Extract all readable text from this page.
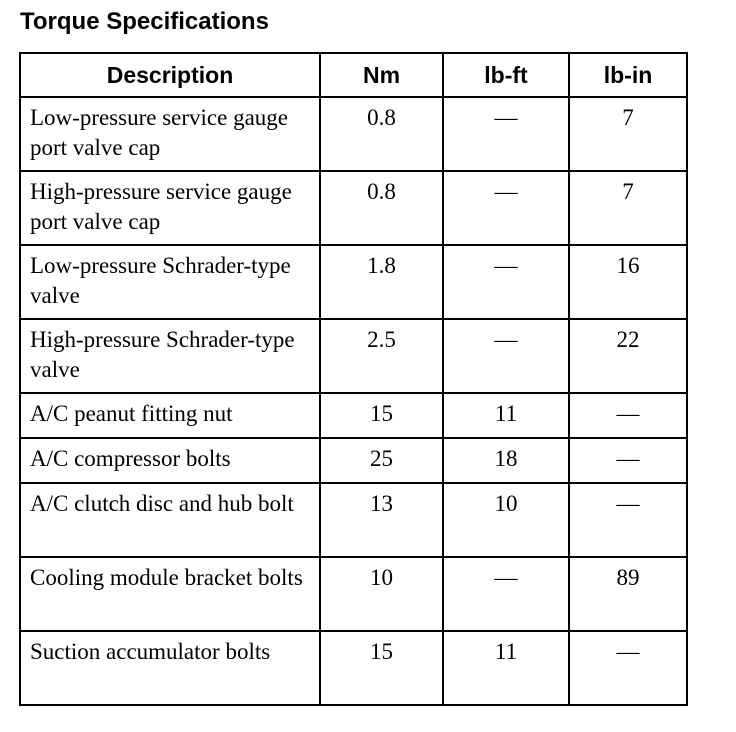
Torque Specifications
Description	Nm	lb-ft	lb-in
Low-pressure service gauge port valve cap	0.8	—	7
High-pressure service gauge port valve cap	0.8	—	7
Low-pressure Schrader-type valve	1.8	—	16
High-pressure Schrader-type valve	2.5	—	22
A/C peanut fitting nut	15	11	—
A/C compressor bolts	25	18	—
A/C clutch disc and hub bolt	13	10	—
Cooling module bracket bolts	10	—	89
Suction accumulator bolts	15	11	—
